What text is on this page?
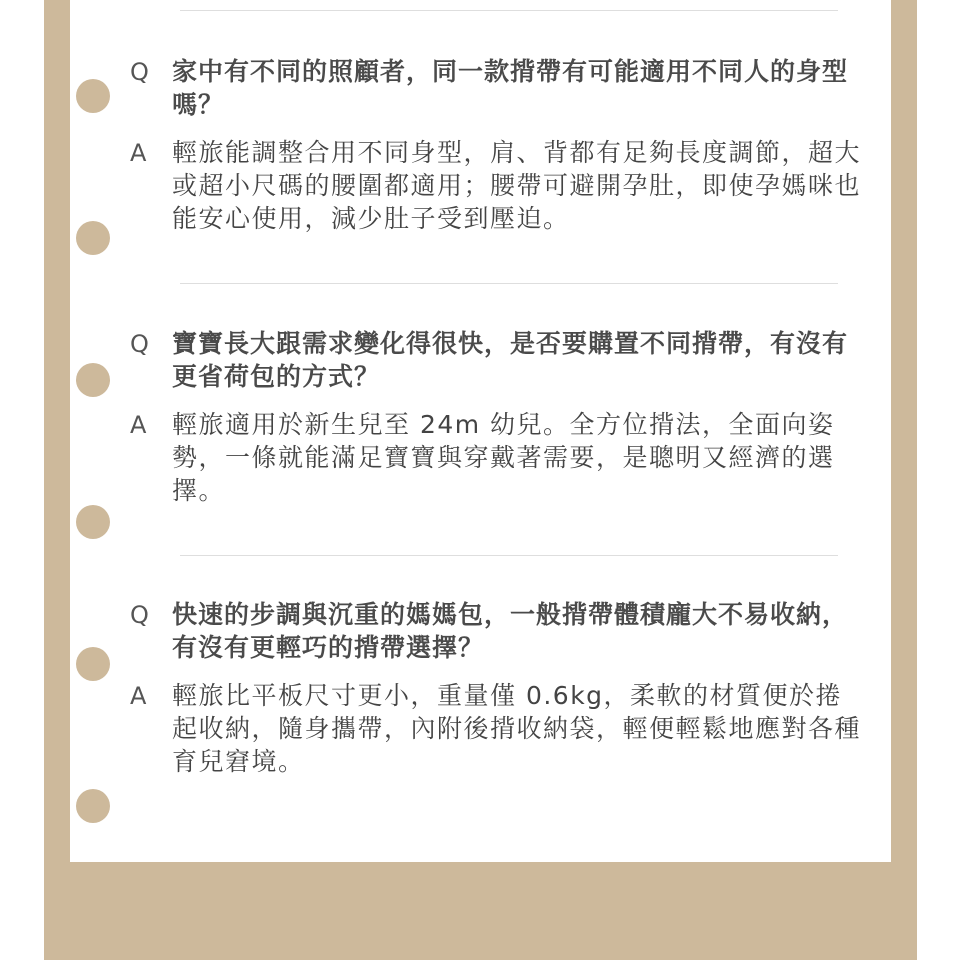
Q 家中有不同的照顧者，同一款揹帶有可能適用不同人的身型嗎？
A	輕旅能調整合用不同身型，肩、背都有足夠長度調節，超大或超小尺碼的腰圍都適用；腰帶可避開孕肚，即使孕媽咪也能安心使用，減少肚子受到壓迫。
Q 寶寶長大跟需求變化得很快，是否要購置不同揹帶，有沒有更省荷包的方式？
A	輕旅適用於新生兒至 24m 幼兒。全方位揹法，全面向姿勢，一條就能滿足寶寶與穿戴著需要，是聰明又經濟的選擇。
Q 快速的步調與沉重的媽媽包，一般揹帶體積龐大不易收納，有沒有更輕巧的揹帶選擇？
A	輕旅比平板尺寸更小，重量僅 0.6kg，柔軟的材質便於捲起收納，隨身攜帶，內附後揹收納袋，輕便輕鬆地應對各種育兒窘境。
